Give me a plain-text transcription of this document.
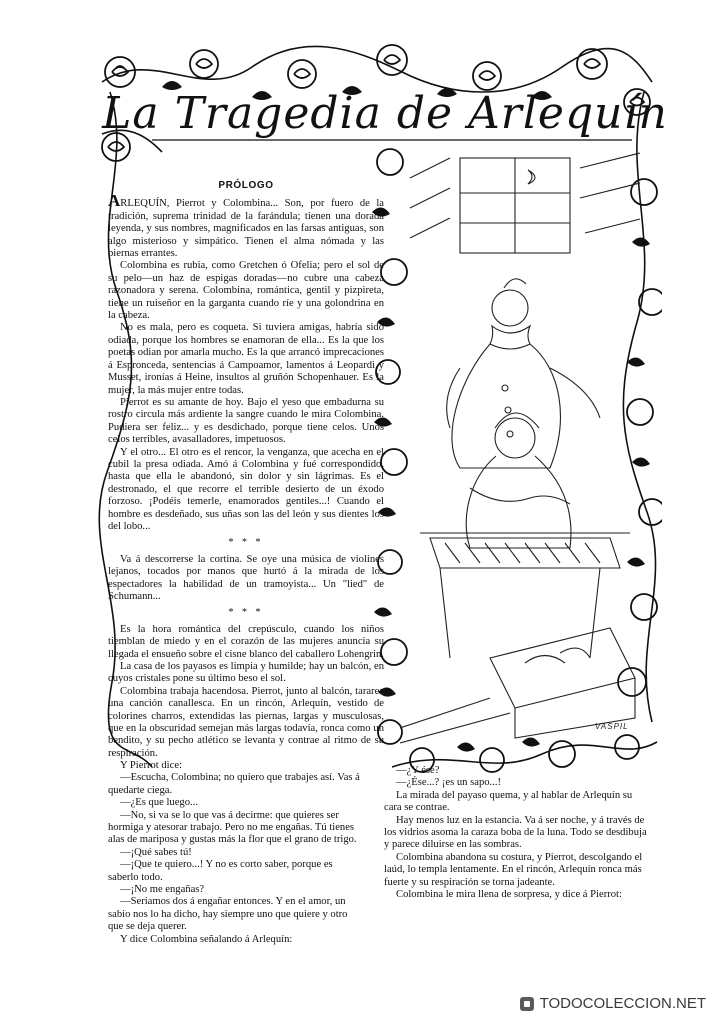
La Tragedia de Arlequín
VASPIL
PRÓLOGO

ARLEQUÍN, Pierrot y Colombina... Son, por fuero de la tradición, suprema trinidad de la farándula; tienen una dorada leyenda, y sus nombres, magnificados en las farsas antiguas, son algo misterioso y simpático. Tienen el alma nómada y las piernas errantes.

Colombina es rubia, como Gretchen ó Ofelia; pero el sol de su pelo—un haz de espigas doradas—no cubre una cabeza razonadora y serena. Colombina, romántica, gentil y pizpireta, tiene un ruiseñor en la garganta cuando ríe y una golondrina en la cabeza.

No es mala, pero es coqueta. Si tuviera amigas, habría sido odiada, porque los hombres se enamoran de ella... Es la que los poetas odian por amarla mucho. Es la que arrancó imprecaciones á Espronceda, sentencias á Campoamor, lamentos á Leopardi y Musset, ironías á Heine, insultos al gruñón Schopenhauer. Es la mujer, la más mujer entre todas.

Pierrot es su amante de hoy. Bajo el yeso que embadurna su rostro circula más ardiente la sangre cuando le mira Colombina. Pudiera ser feliz... y es desdichado, porque tiene celos. Unos celos terribles, avasalladores, impetuosos.

Y el otro... El otro es el rencor, la venganza, que acecha en el cubil la presa odiada. Amó á Colombina y fué correspondido, hasta que ella le abandonó, sin dolor y sin lágrimas. Es el destronado, el que recorre el terrible desierto de un éxodo forzoso. ¡Podéis temerle, enamorados gentiles...! Cuando el hombre es desdeñado, sus uñas son las del león y sus dientes los del lobo...

* * *

Va á descorrerse la cortina. Se oye una música de violines lejanos, tocados por manos que hurtó á la mirada de los espectadores la habilidad de un tramoyista... Un "lied" de Schumann...

* * *

Es la hora romántica del crepúsculo, cuando los niños tiemblan de miedo y en el corazón de las mujeres anuncia su llegada el ensueño sobre el cisne blanco del caballero Lohengrin.

La casa de los payasos es limpia y humilde; hay un balcón, en cuyos cristales pone su último beso el sol.

Colombina trabaja hacendosa. Pierrot, junto al balcón, tararea una canción canallesca. En un rincón, Arlequín, vestido de colorines charros, extendidas las piernas, largas y musculosas, que en la obscuridad semejan más largas todavía, ronca como un bendito, y su pecho atlético se levanta y contrae al ritmo de su respiración.

Y Pierrot dice:

—Escucha, Colombina; no quiero que trabajes así. Vas á quedarte ciega.

—¿Es que luego...

—No, si va se lo que vas á decirme: que quieres ser hormiga y atesorar trabajo. Pero no me engañas. Tú tienes alas de mariposa y gustas más la flor que el grano de trigo.

—¡Qué sabes tú!

—¡Que te quiero...! Y no es corto saber, porque es saberlo todo.

—¡No me engañas?

—Seríamos dos á engañar entonces. Y en el amor, un sabio nos lo ha dicho, hay siempre uno que quiere y otro que se deja querer.

Y dice Colombina señalando á Arlequín:

—¿Y ése?

—¿Ése...? ¡es un sapo...!

La mirada del payaso quema, y al hablar de Arlequín su cara se contrae.

Hay menos luz en la estancia. Va á ser noche, y á través de los vidrios asoma la caraza boba de la luna. Todo se desdibuja y parece diluirse en las sombras.

Colombina abandona su costura, y Pierrot, descolgando el laúd, lo templa lentamente. En el rincón, Arlequín ronca más fuerte y su respiración se torna jadeante.

Colombina le mira llena de sorpresa, y dice á Pierrot:

TODOCOLECCION.NET
